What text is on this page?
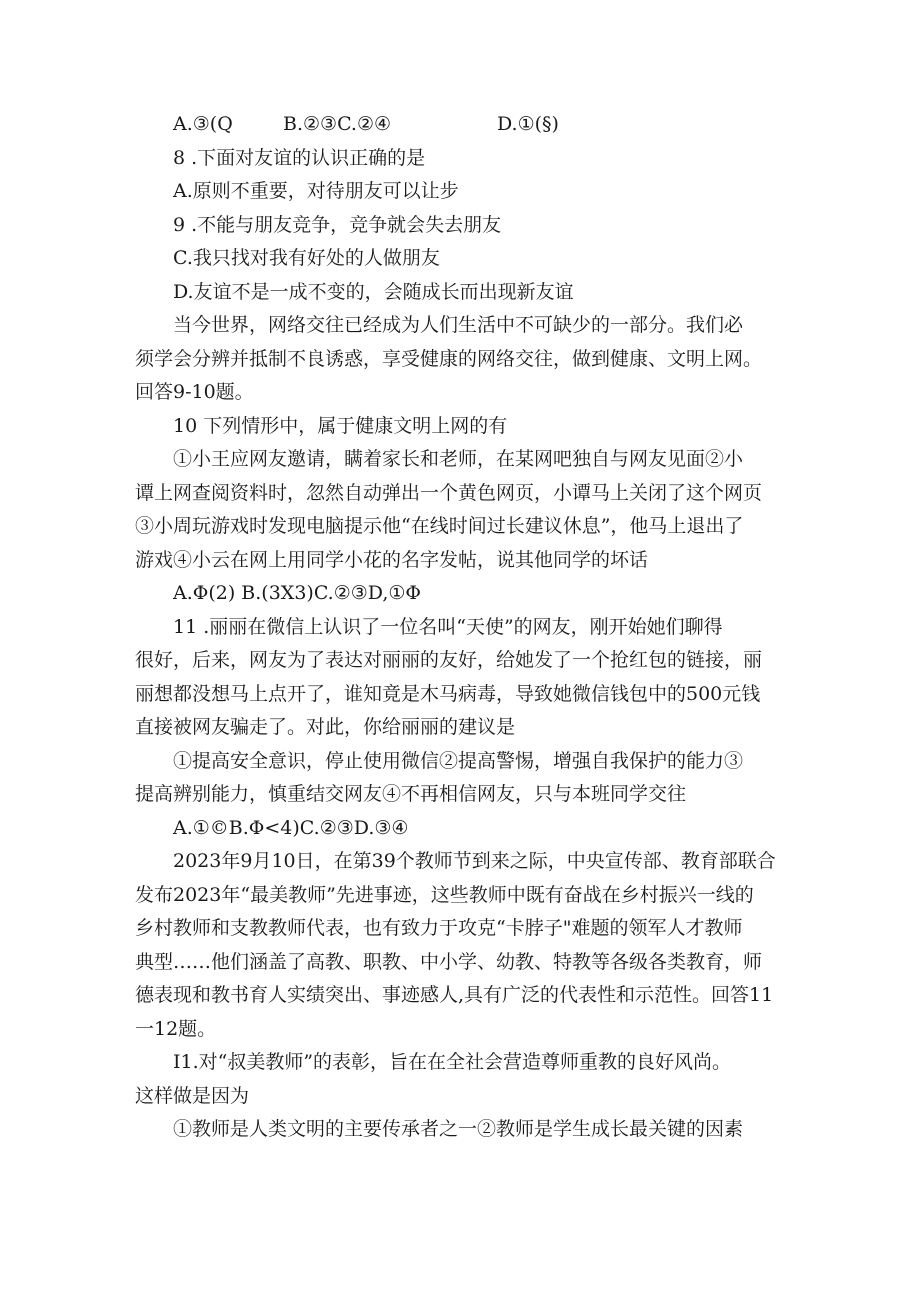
A.③(Q	B.②③C.②④	D.①(§)
8 .下面对友谊的认识正确的是
A.原则不重要，对待朋友可以让步
9 .不能与朋友竞争，竞争就会失去朋友
C.我只找对我有好处的人做朋友
D.友谊不是一成不变的，会随成长而出现新友谊
当今世界，网络交往已经成为人们生活中不可缺少的一部分。我们必
须学会分辨并抵制不良诱惑，享受健康的网络交往，做到健康、文明上网。
回答9-10题。
10 下列情形中，属于健康文明上网的有
①小王应网友邀请，瞒着家长和老师，在某网吧独自与网友见面②小
谭上网查阅资料时，忽然自动弹出一个黄色网页，小谭马上关闭了这个网页
③小周玩游戏时发现电脑提示他“在线时间过长建议休息”，他马上退出了
游戏④小云在网上用同学小花的名字发帖，说其他同学的坏话
A.Φ(2) B.(3X3)C.②③D,①Φ
11 .丽丽在微信上认识了一位名叫“天使”的网友，刚开始她们聊得
很好，后来，网友为了表达对丽丽的友好，给她发了一个抢红包的链接，丽
丽想都没想马上点开了，谁知竟是木马病毒，导致她微信钱包中的500元钱
直接被网友骗走了。对此，你给丽丽的建议是
①提高安全意识，停止使用微信②提高警惕，增强自我保护的能力③
提高辨别能力，慎重结交网友④不再相信网友，只与本班同学交往
A.①©B.Φ<4)C.②③D.③④
2023年9月10日，在第39个教师节到来之际，中央宣传部、教育部联合
发布2023年“最美教师”先进事迹，这些教师中既有奋战在乡村振兴一线的
乡村教师和支教教师代表，也有致力于攻克“卡脖子"难题的领军人才教师
典型……他们涵盖了高教、职教、中小学、幼教、特教等各级各类教育，师
德表现和教书育人实绩突出、事迹感人,具有广泛的代表性和示范性。回答11
一12题。
I1.对“叔美教师”的表彰，旨在在全社会营造尊师重教的良好风尚。
这样做是因为
①教师是人类文明的主要传承者之一②教师是学生成长最关键的因素
